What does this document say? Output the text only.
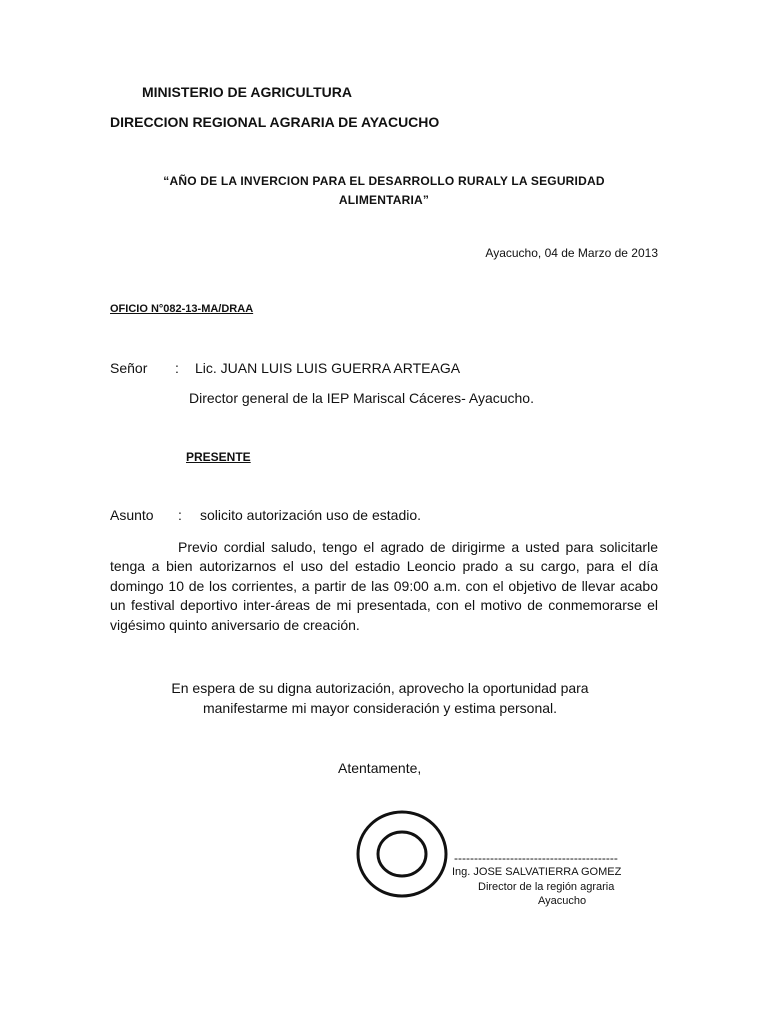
MINISTERIO DE AGRICULTURA
DIRECCION REGIONAL AGRARIA DE AYACUCHO
“AÑO DE LA INVERCION PARA EL DESARROLLO RURALY LA SEGURIDAD
ALIMENTARIA”
Ayacucho, 04 de Marzo de 2013
OFICIO N°082-13-MA/DRAA
Señor : Lic. JUAN LUIS LUIS GUERRA ARTEAGA
Director general de la IEP Mariscal Cáceres- Ayacucho.
PRESENTE
Asunto : solicito autorización uso de estadio.
Previo cordial saludo, tengo el agrado de dirigirme a usted para solicitarle tenga a bien autorizarnos el uso del estadio Leoncio prado a su cargo, para el día domingo 10 de los corrientes, a partir de las 09:00 a.m. con el objetivo de llevar acabo un festival deportivo inter-áreas de mi presentada, con el motivo de conmemorarse el vigésimo quinto aniversario de creación.
En espera de su digna autorización, aprovecho la oportunidad para
manifestarme mi mayor consideración y estima personal.
Atentamente,
-----------------------------------------
Ing. JOSE SALVATIERRA GOMEZ
Director de la región agraria
Ayacucho
